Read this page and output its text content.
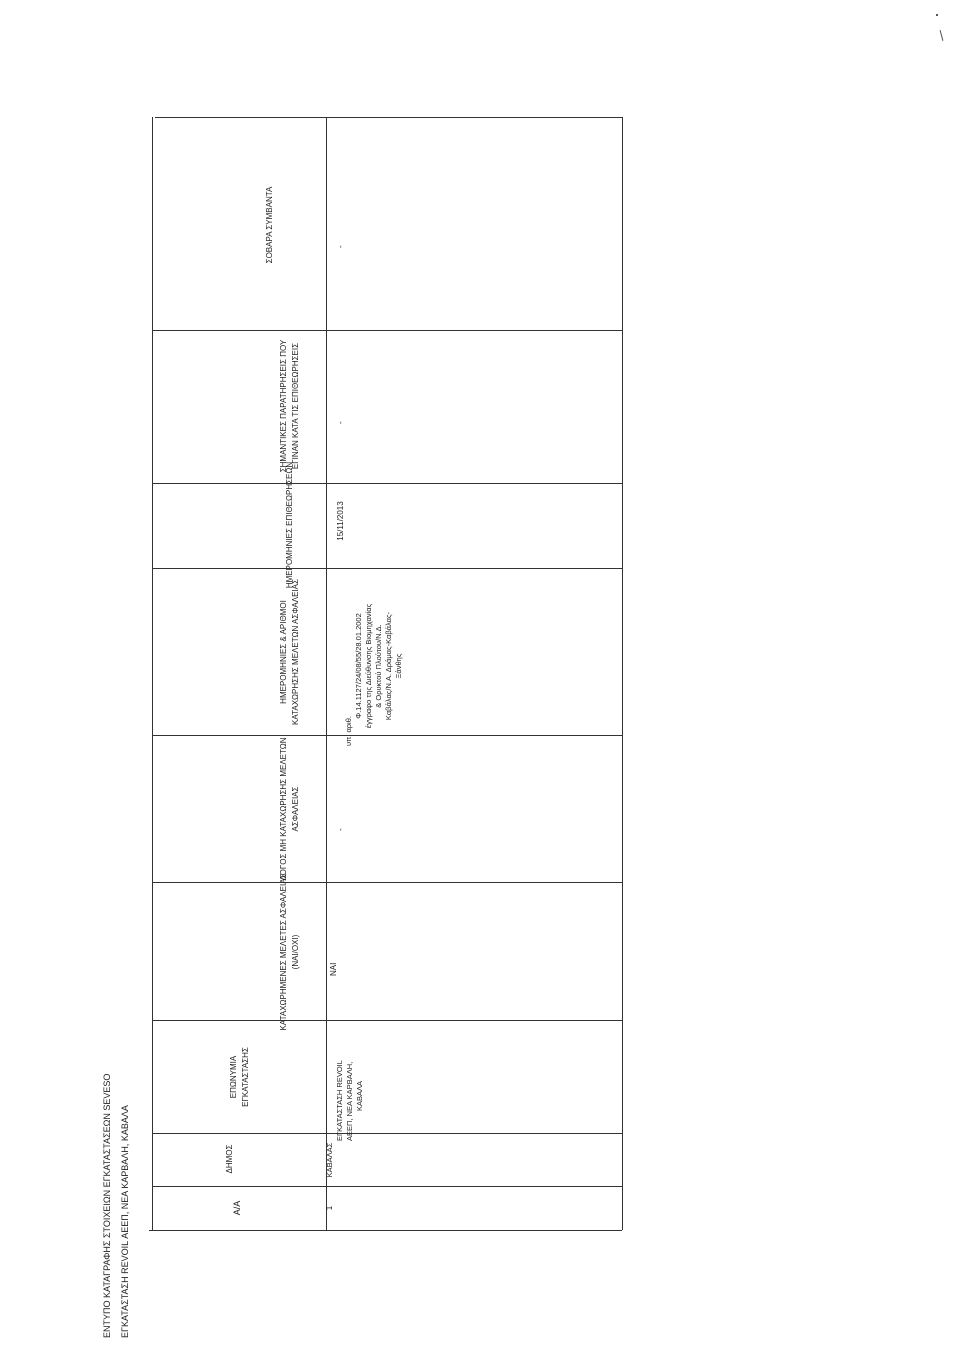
ΕΝΤΥΠΟ ΚΑΤΑΓΡΑΦΗΣ ΣΤΟΙΧΕΙΩΝ ΕΓΚΑΤΑΣΤΑΣΕΩΝ SEVESO ΕΓΚΑΤΑΣΤΑΣΗ REVOIL ΑΕΕΠ, ΝΕΑ ΚΑΡΒΑΛΗ, ΚΑΒΑΛΑ	Α/Α
ΔΗΜΟΣ
ΕΠΩΝΥΜΙΑ ΕΓΚΑΤΑΣΤΑΣΗΣ
ΚΑΤΑΧΩΡΗΜΕΝΕΣ ΜΕΛΕΤΕΣ ΑΣΦΑΛΕΙΑΣ (ΝΑΙ/ΟΧΙ)
ΛΟΓΟΣ ΜΗ ΚΑΤΑΧΩΡΗΣΗΣ ΜΕΛΕΤΩΝ ΑΣΦΑΛΕΙΑΣ
ΗΜΕΡΟΜΗΝΙΕΣ & ΑΡΙΘΜΟΙ ΚΑΤΑΧΩΡΗΣΗΣ ΜΕΛΕΤΩΝ ΑΣΦΑΛΕΙΑΣ
ΗΜΕΡΟΜΗΝΙΕΣ ΕΠΙΘΕΩΡΗΣΕΩΝ
ΣΗΜΑΝΤΙΚΕΣ ΠΑΡΑΤΗΡΗΣΕΙΣ ΠΟΥ ΕΓΙΝΑΝ ΚΑΤΑ ΤΙΣ ΕΠΙΘΕΩΡΗΣΕΙΣ
ΣΟΒΑΡΑ ΣΥΜΒΑΝΤΑ
1
ΚΑΒΑΛΑΣ
ΕΓΚΑΤΑΣΤΑΣΗ REVOIL ΑΕΕΠ, ΝΕΑ ΚΑΡΒΑΛΗ, ΚΑΒΑΛΑ
ΝΑΙ
-
υπ. αριθ.
Φ.14.1127/24/08/55/28.01.2002 έγγραφο της Διεύθυνσης Βιομηχανίας & Ορυκτού Πλούτου/Ν.Δ. Καβάλας/Ν.Α. Δράμας-Καβάλας- Ξάνθης
15/11/2013
-
-
